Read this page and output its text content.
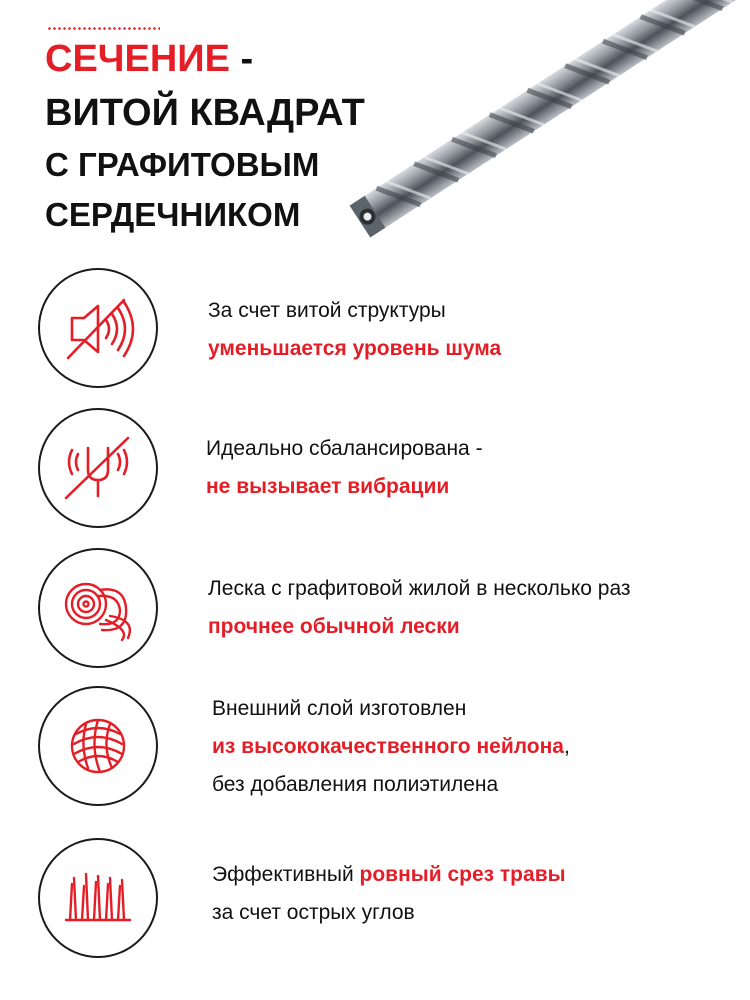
СЕЧЕНИЕ -
ВИТОЙ КВАДРАТ
С ГРАФИТОВЫМ
СЕРДЕЧНИКОМ
За счет витой структуры
уменьшается уровень шума
Идеально сбалансирована -
не вызывает вибрации
Леска с графитовой жилой в несколько раз
прочнее обычной лески
Внешний слой изготовлен
из высококачественного нейлона,
без добавления полиэтилена
Эффективный ровный срез травы
за счет острых углов
